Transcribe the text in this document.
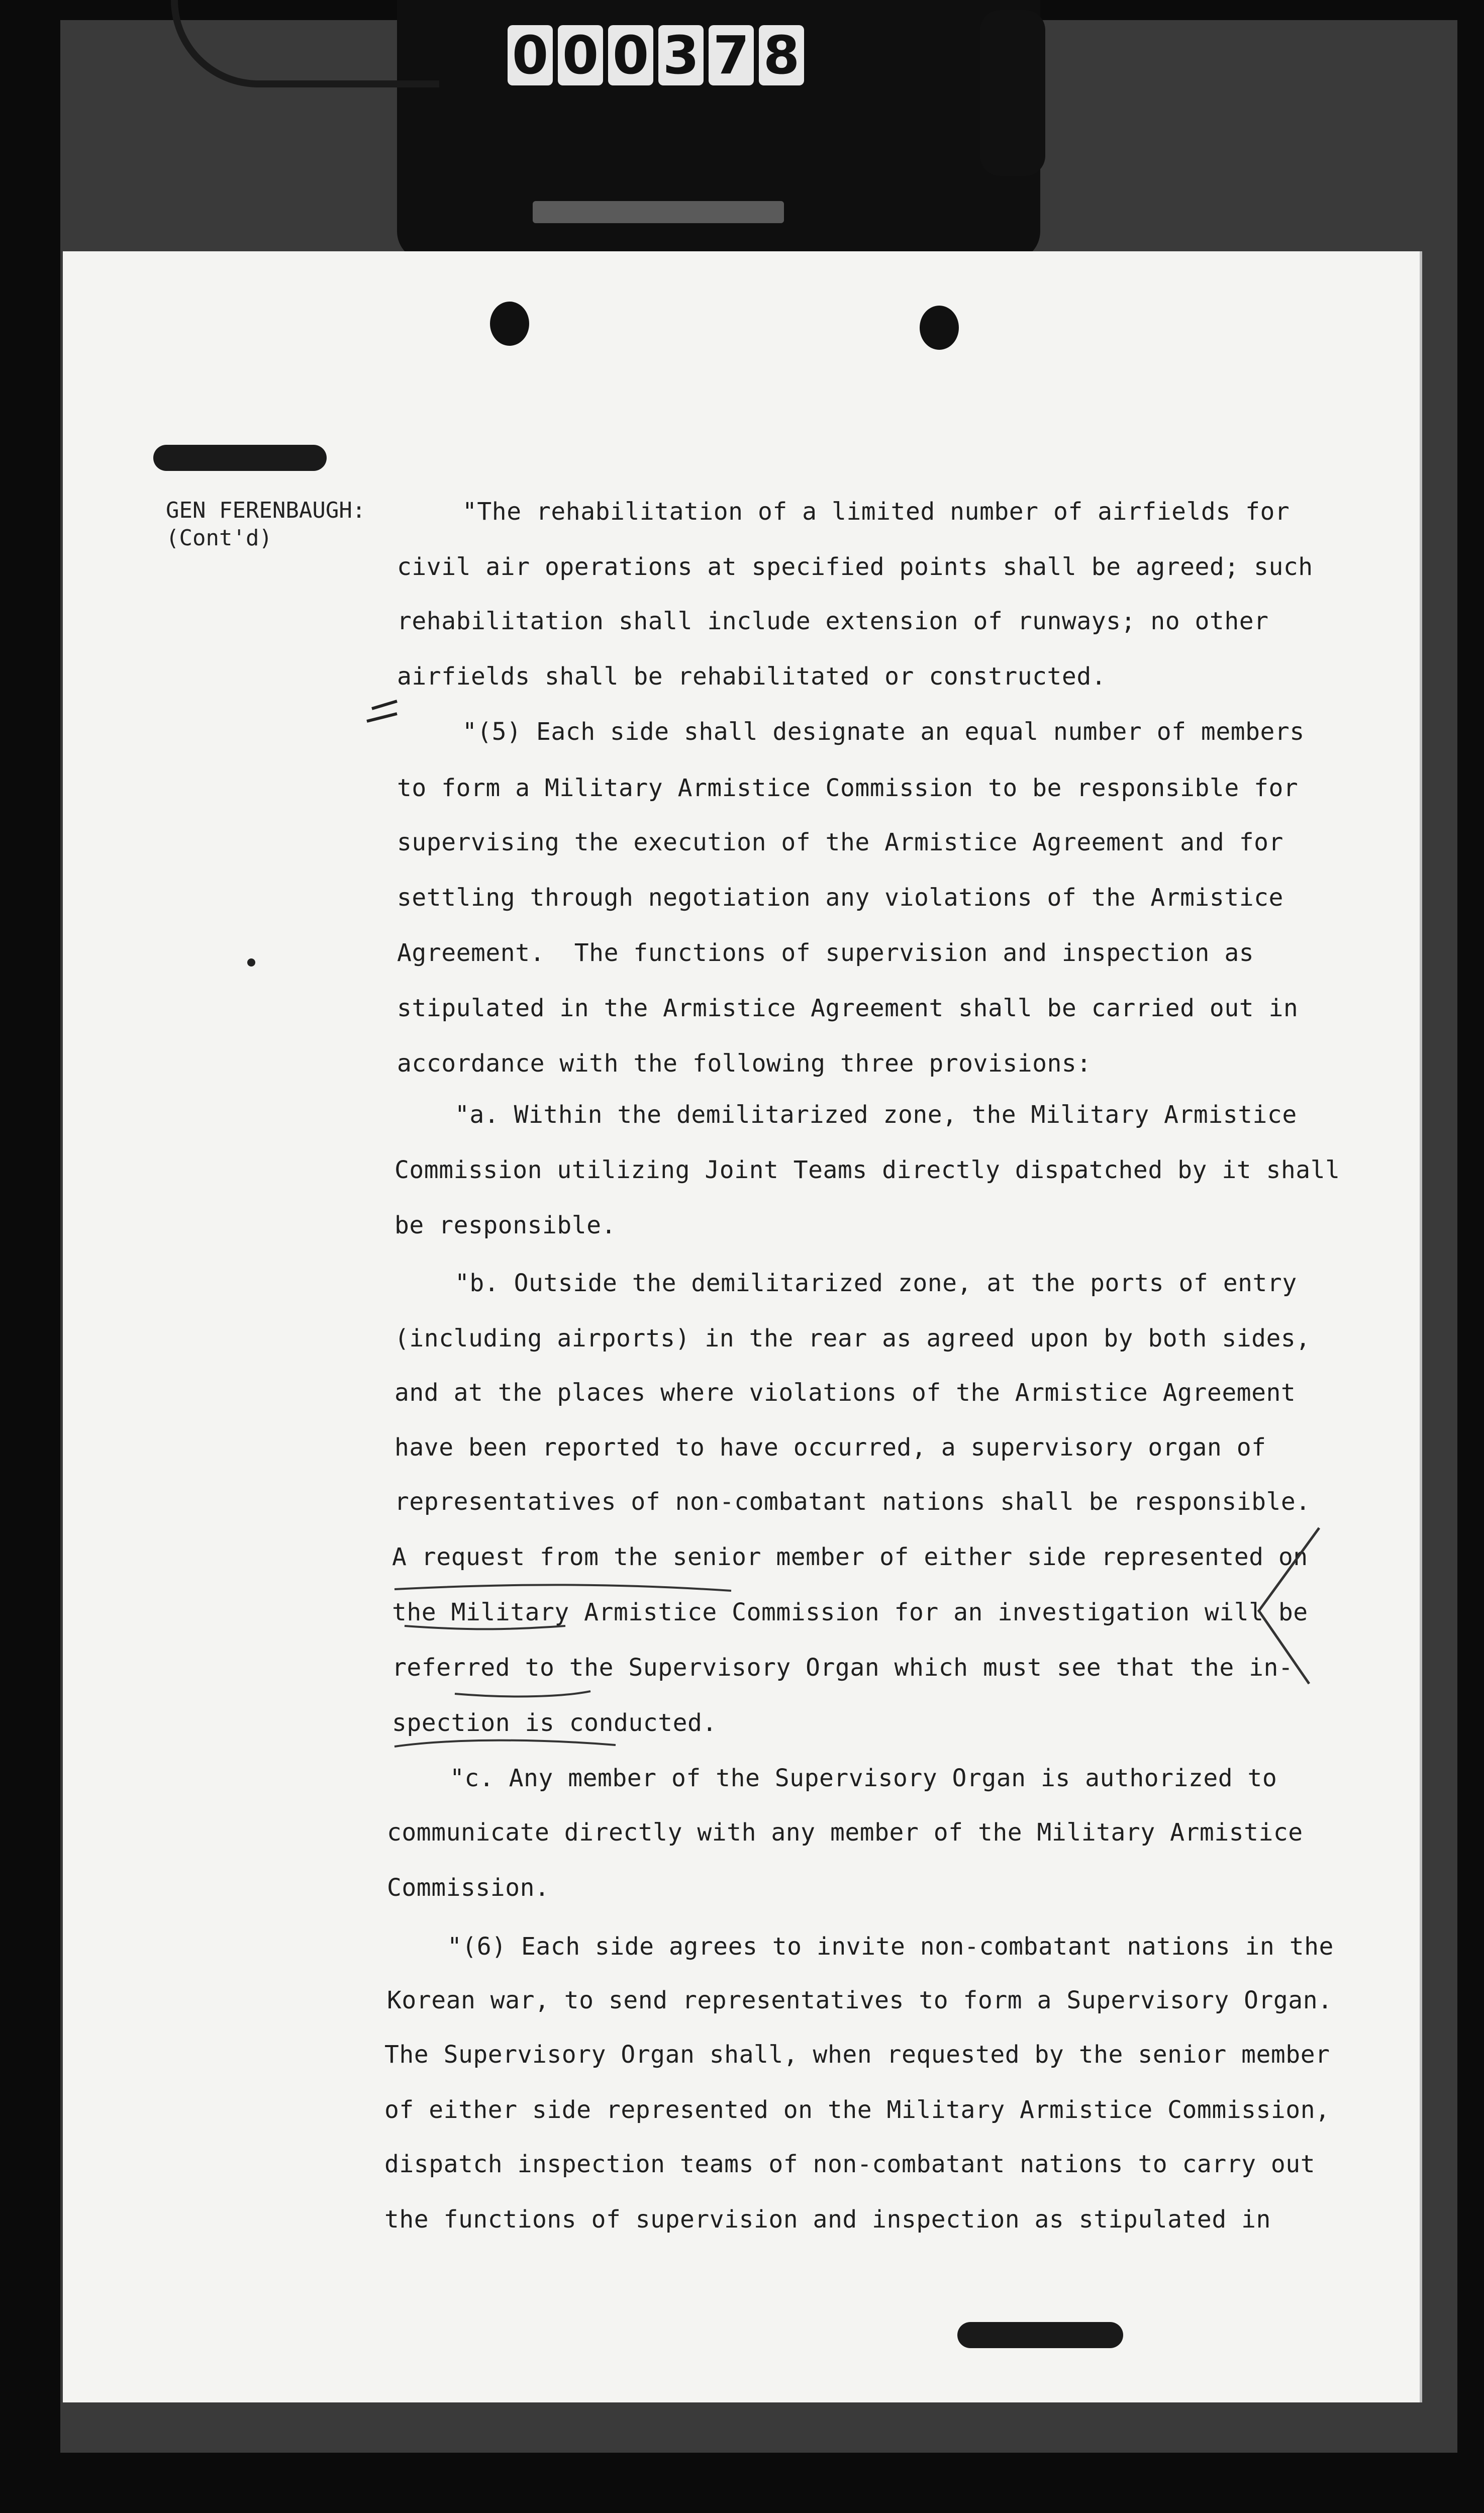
0 0 0 3 7 8
GEN FERENBAUGH:
(Cont'd)
"The rehabilitation of a limited number of airfields for
civil air operations at specified points shall be agreed; such
rehabilitation shall include extension of runways; no other
airfields shall be rehabilitated or constructed.
"(5) Each side shall designate an equal number of members
to form a Military Armistice Commission to be responsible for
supervising the execution of the Armistice Agreement and for
settling through negotiation any violations of the Armistice
Agreement.  The functions of supervision and inspection as
stipulated in the Armistice Agreement shall be carried out in
accordance with the following three provisions:
"a. Within the demilitarized zone, the Military Armistice
Commission utilizing Joint Teams directly dispatched by it shall
be responsible.
"b. Outside the demilitarized zone, at the ports of entry
(including airports) in the rear as agreed upon by both sides,
and at the places where violations of the Armistice Agreement
have been reported to have occurred, a supervisory organ of
representatives of non-combatant nations shall be responsible.
A request from the senior member of either side represented on
the Military Armistice Commission for an investigation will be
referred to the Supervisory Organ which must see that the in-
spection is conducted.
"c. Any member of the Supervisory Organ is authorized to
communicate directly with any member of the Military Armistice
Commission.
"(6) Each side agrees to invite non-combatant nations in the
Korean war, to send representatives to form a Supervisory Organ.
The Supervisory Organ shall, when requested by the senior member
of either side represented on the Military Armistice Commission,
dispatch inspection teams of non-combatant nations to carry out
the functions of supervision and inspection as stipulated in
